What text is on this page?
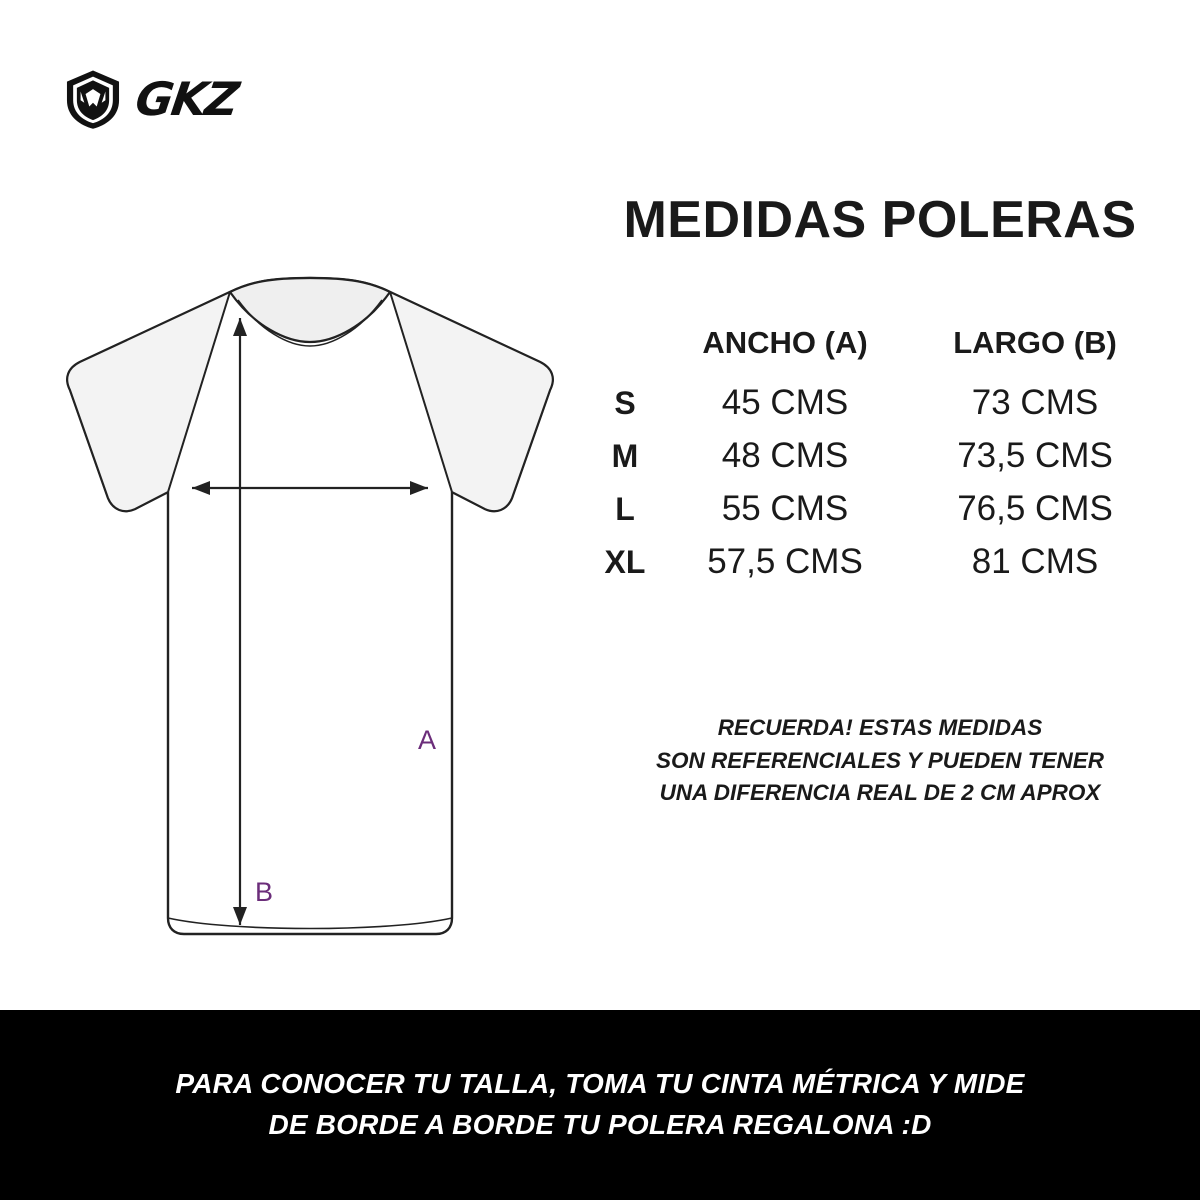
GKZ
MEDIDAS POLERAS
A
B
ANCHO (A)	LARGO (B)
S	45 CMS	73 CMS
M	48 CMS	73,5 CMS
L	55 CMS	76,5 CMS
XL	57,5 CMS	81 CMS
RECUERDA! ESTAS MEDIDAS
SON REFERENCIALES Y PUEDEN TENER
UNA DIFERENCIA REAL DE 2 CM APROX
PARA CONOCER TU TALLA, TOMA TU CINTA MÉTRICA Y MIDE
DE BORDE A BORDE TU POLERA REGALONA :D
